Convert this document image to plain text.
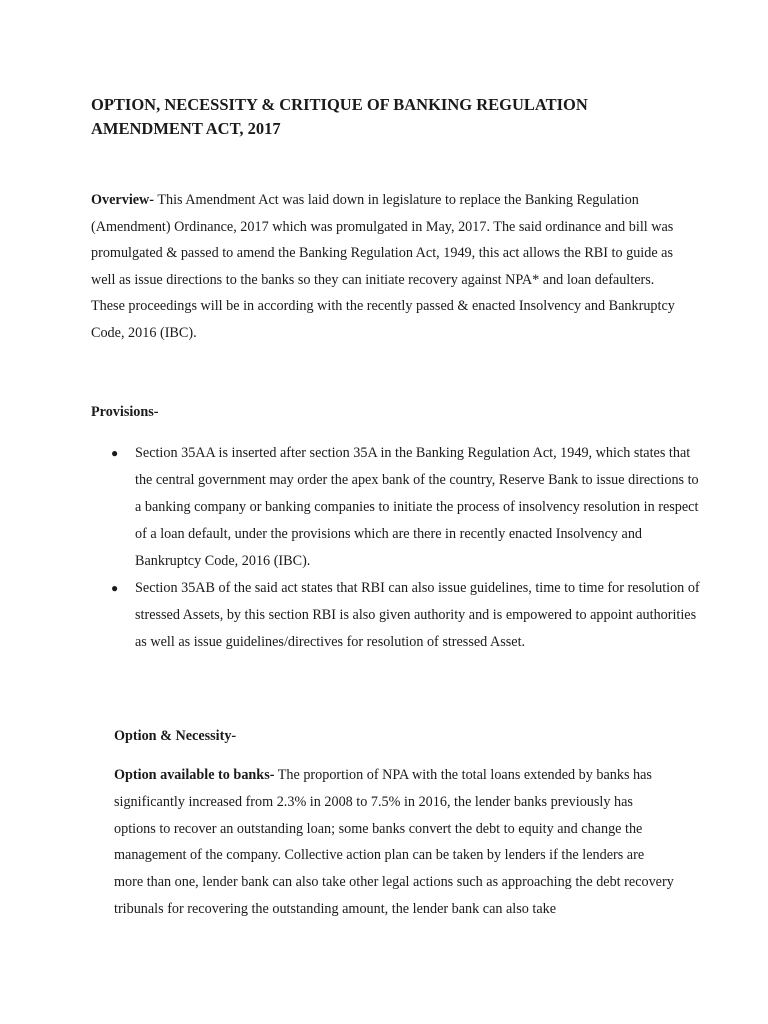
OPTION, NECESSITY & CRITIQUE OF BANKING REGULATION AMENDMENT ACT, 2017

Overview- This Amendment Act was laid down in legislature to replace the Banking Regulation (Amendment) Ordinance, 2017 which was promulgated in May, 2017. The said ordinance and bill was promulgated & passed to amend the Banking Regulation Act, 1949, this act allows the RBI to guide as well as issue directions to the banks so they can initiate recovery against NPA* and loan defaulters. These proceedings will be in according with the recently passed & enacted Insolvency and Bankruptcy Code, 2016 (IBC).

Provisions-
● Section 35AA is inserted after section 35A in the Banking Regulation Act, 1949, which states that the central government may order the apex bank of the country, Reserve Bank to issue directions to a banking company or banking companies to initiate the process of insolvency resolution in respect of a loan default, under the provisions which are there in recently enacted Insolvency and Bankruptcy Code, 2016 (IBC).
● Section 35AB of the said act states that RBI can also issue guidelines, time to time for resolution of stressed Assets, by this section RBI is also given authority and is empowered to appoint authorities as well as issue guidelines/directives for resolution of stressed Asset.
Option & Necessity-

Option available to banks- The proportion of NPA with the total loans extended by banks has significantly increased from 2.3% in 2008 to 7.5% in 2016, the lender banks previously has options to recover an outstanding loan; some banks convert the debt to equity and change the management of the company. Collective action plan can be taken by lenders if the lenders are more than one, lender bank can also take other legal actions such as approaching the debt recovery tribunals for recovering the outstanding amount, the lender bank can also take
